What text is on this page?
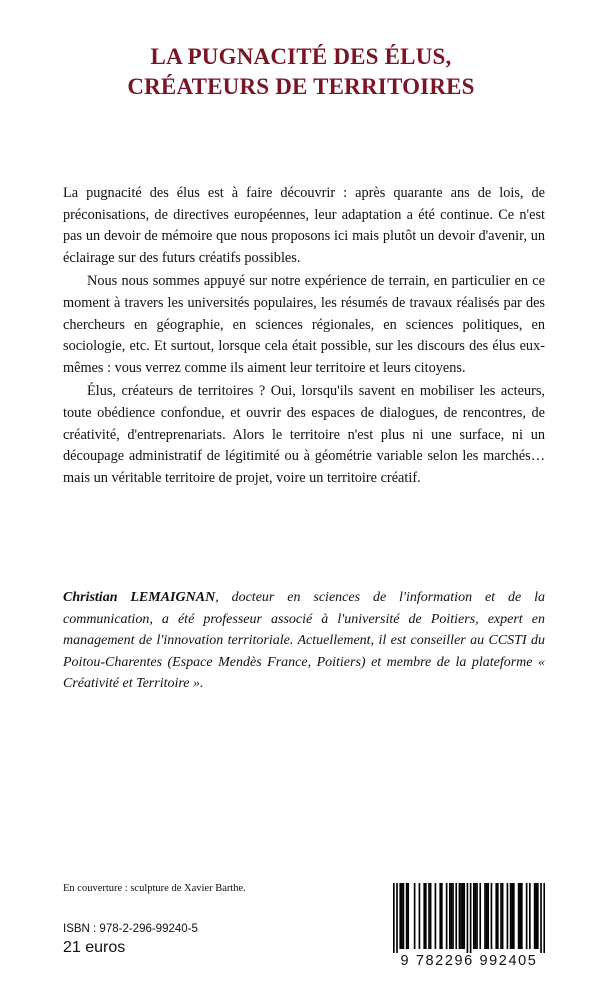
LA PUGNACITÉ DES ÉLUS,
CRÉATEURS DE TERRITOIRES

La pugnacité des élus est à faire découvrir : après quarante ans de lois, de préconisations, de directives européennes, leur adaptation a été continue. Ce n'est pas un devoir de mémoire que nous proposons ici mais plutôt un devoir d'avenir, un éclairage sur des futurs créatifs possibles.

Nous nous sommes appuyé sur notre expérience de terrain, en particulier en ce moment à travers les universités populaires, les résumés de travaux réalisés par des chercheurs en géographie, en sciences régionales, en sciences politiques, en sociologie, etc. Et surtout, lorsque cela était possible, sur les discours des élus eux-mêmes : vous verrez comme ils aiment leur territoire et leurs citoyens.

Élus, créateurs de territoires ? Oui, lorsqu'ils savent en mobiliser les acteurs, toute obédience confondue, et ouvrir des espaces de dialogues, de rencontres, de créativité, d'entreprenariats. Alors le territoire n'est plus ni une surface, ni un découpage administratif de légitimité ou à géométrie variable selon les marchés… mais un véritable territoire de projet, voire un territoire créatif.

Christian LEMAIGNAN, docteur en sciences de l'information et de la communication, a été professeur associé à l'université de Poitiers, expert en management de l'innovation territoriale. Actuellement, il est conseiller au CCSTI du Poitou-Charentes (Espace Mendès France, Poitiers) et membre de la plateforme « Créativité et Territoire ».
En couverture : sculpture de Xavier Barthe.
ISBN : 978-2-296-99240-5
21 euros
9 782296 992405
